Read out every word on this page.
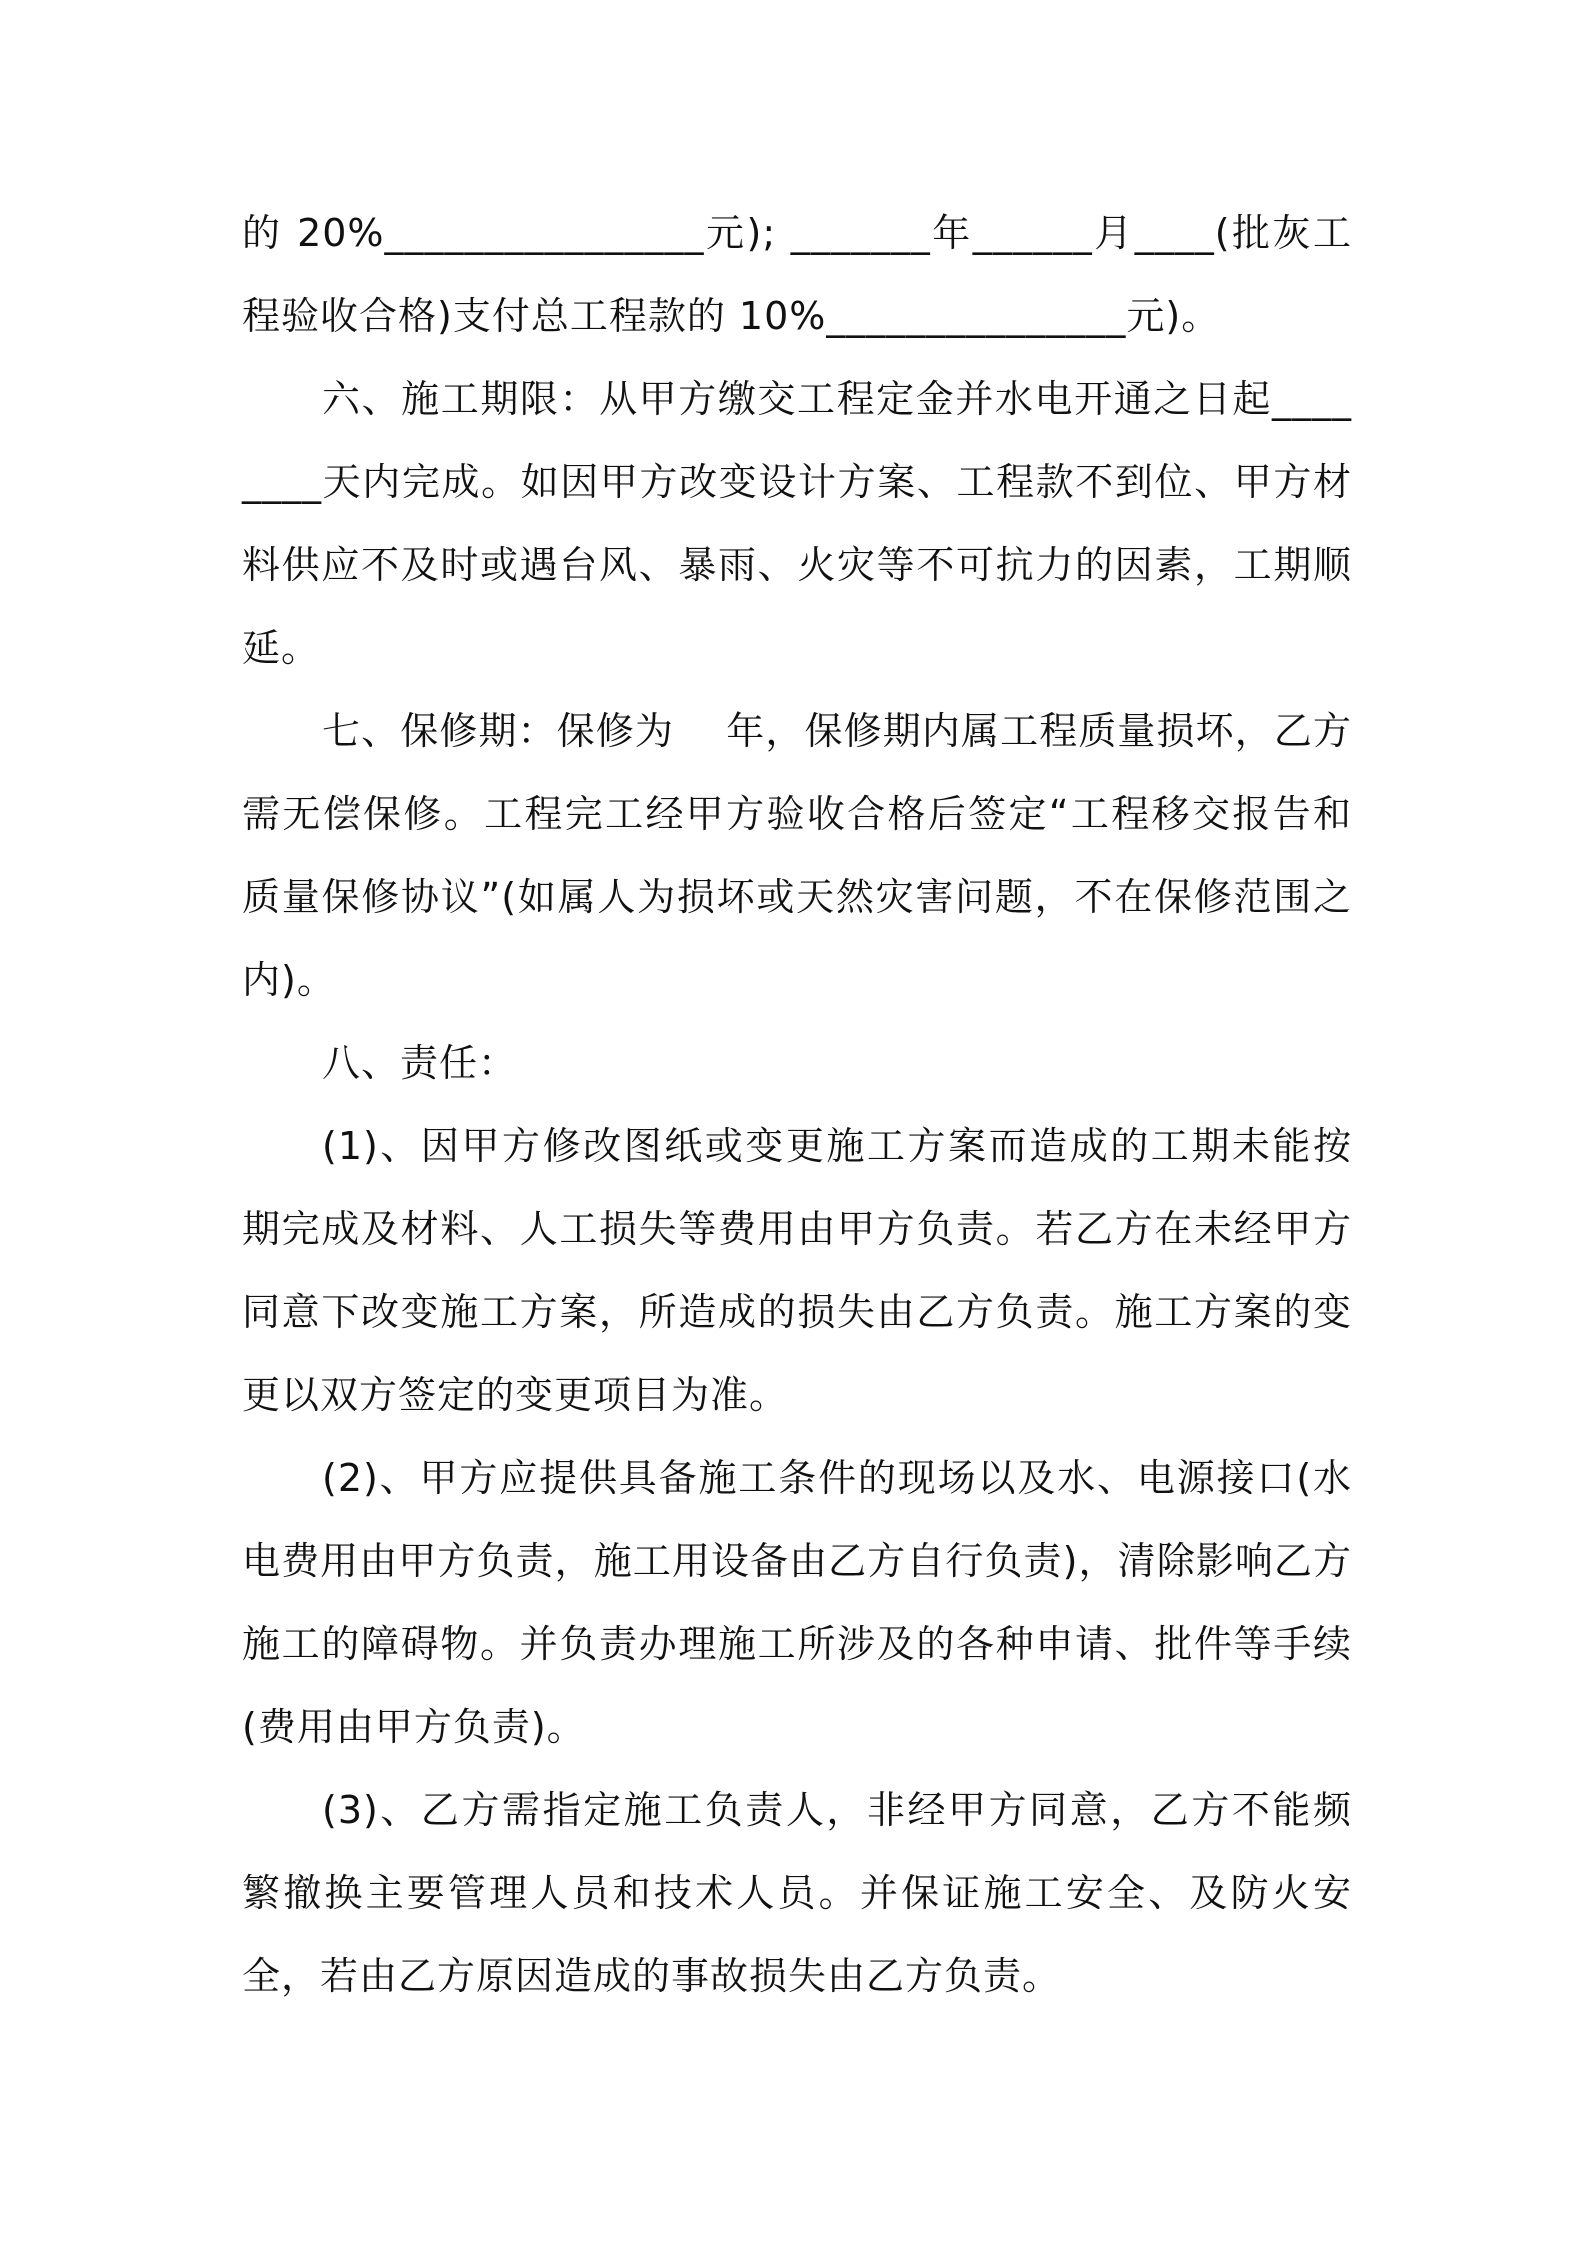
的 20%________________元); _______年______月____(批灰工程验收合格)支付总工程款的 10%_______________元)。

六、施工期限：从甲方缴交工程定金并水电开通之日起________天内完成。如因甲方改变设计方案、工程款不到位、甲方材料供应不及时或遇台风、暴雨、火灾等不可抗力的因素，工期顺延。

七、保修期：保修为 　年，保修期内属工程质量损坏，乙方需无偿保修。工程完工经甲方验收合格后签定“工程移交报告和质量保修协议”(如属人为损坏或天然灾害问题，不在保修范围之内)。

八、责任：

(1)、因甲方修改图纸或变更施工方案而造成的工期未能按期完成及材料、人工损失等费用由甲方负责。若乙方在未经甲方同意下改变施工方案，所造成的损失由乙方负责。施工方案的变更以双方签定的变更项目为准。

(2)、甲方应提供具备施工条件的现场以及水、电源接口(水电费用由甲方负责，施工用设备由乙方自行负责)，清除影响乙方施工的障碍物。并负责办理施工所涉及的各种申请、批件等手续(费用由甲方负责)。

(3)、乙方需指定施工负责人，非经甲方同意，乙方不能频繁撤换主要管理人员和技术人员。并保证施工安全、及防火安全，若由乙方原因造成的事故损失由乙方负责。
